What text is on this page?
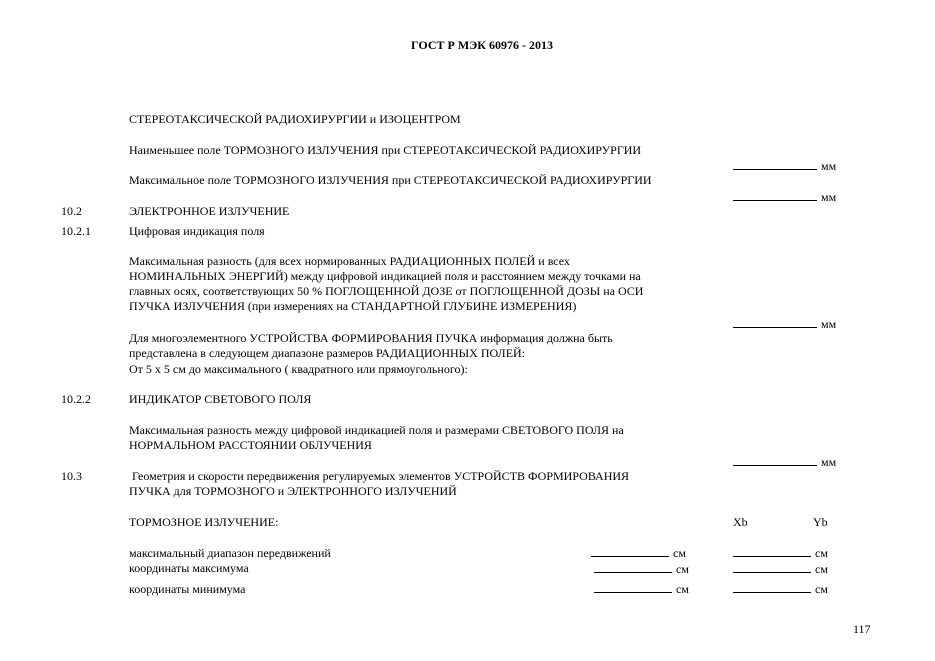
ГОСТ Р МЭК 60976 - 2013
СТЕРЕОТАКСИЧЕСКОЙ РАДИОХИРУРГИИ и ИЗОЦЕНТРОМ
Наименьшее поле ТОРМОЗНОГО ИЗЛУЧЕНИЯ при СТЕРЕОТАКСИЧЕСКОЙ РАДИОХИРУРГИИ
мм
Максимальное поле ТОРМОЗНОГО ИЗЛУЧЕНИЯ при СТЕРЕОТАКСИЧЕСКОЙ РАДИОХИРУРГИИ
мм
10.2	ЭЛЕКТРОННОЕ ИЗЛУЧЕНИЕ
10.2.1	Цифровая индикация поля
Максимальная разность (для всех нормированных РАДИАЦИОННЫХ ПОЛЕЙ и всех
НОМИНАЛЬНЫХ ЭНЕРГИЙ) между цифровой индикацией поля и расстоянием между точками на
главных осях, соответствующих 50 % ПОГЛОЩЕННОЙ ДОЗЕ от ПОГЛОЩЕННОЙ ДОЗЫ на ОСИ
ПУЧКА ИЗЛУЧЕНИЯ (при измерениях на СТАНДАРТНОЙ ГЛУБИНЕ ИЗМЕРЕНИЯ)
мм
Для многоэлементного УСТРОЙСТВА ФОРМИРОВАНИЯ ПУЧКА информация должна быть
представлена в следующем диапазоне размеров РАДИАЦИОННЫХ ПОЛЕЙ:
От 5 х 5 см до максимального ( квадратного или прямоугольного):
10.2.2	ИНДИКАТОР СВЕТОВОГО ПОЛЯ
Максимальная разность между цифровой индикацией поля и размерами СВЕТОВОГО ПОЛЯ на
НОРМАЛЬНОМ РАССТОЯНИИ ОБЛУЧЕНИЯ
мм
10.3	Геометрия и скорости передвижения регулируемых элементов УСТРОЙСТВ ФОРМИРОВАНИЯ
ПУЧКА для ТОРМОЗНОГО и ЭЛЕКТРОННОГО ИЗЛУЧЕНИЙ
ТОРМОЗНОЕ ИЗЛУЧЕНИЕ:	Xb	Yb
максимальный диапазон передвижений	см	см
координаты максимума	см	см
координаты минимума	см	см
117
